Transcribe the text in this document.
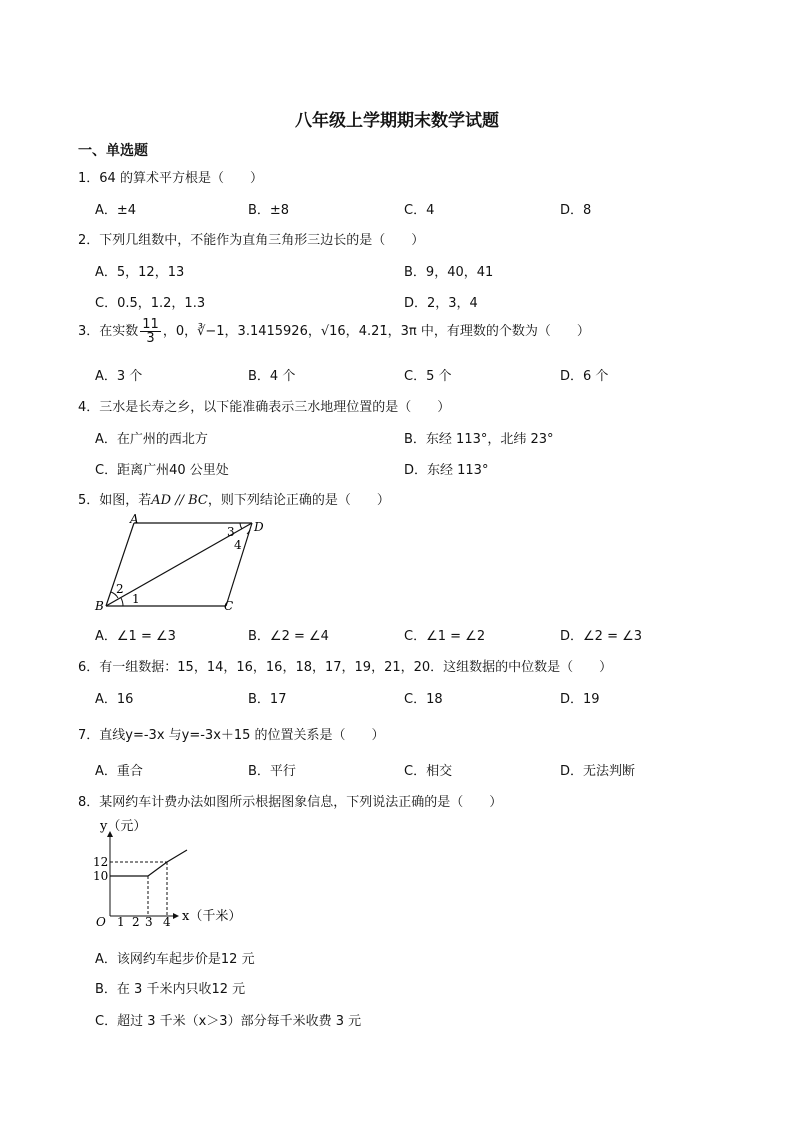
八年级上学期期末数学试题
一、单选题
1．64 的算术平方根是（　　）
A．±4	B．±8	C．4	D．8
2．下列几组数中，不能作为直角三角形三边长的是（　　）
A．5，12，13	B．9，40，41
C．0.5，1.2，1.3	D．2，3，4
3．在实数 $\frac{11}{3}$ ，0，∛−1，3.1415926，√16，4.2̇1̇，3π 中，有理数的个数为（　　）
A．3 个	B．4 个	C．5 个	D．6 个
4．三水是长寿之乡，以下能准确表示三水地理位置的是（　　）
A．在广州的西北方	B．东经 113°，北纬 23°
C．距离广州40 公里处	D．东经 113°
5．如图，若AD // BC，则下列结论正确的是（　　）
A
D
B	C
1
2
3
4
A．∠1 = ∠3	B．∠2 = ∠4	C．∠1 = ∠2	D．∠2 = ∠3
6．有一组数据：15，14，16，16，18，17，19，21，20．这组数据的中位数是（　　）
A．16	B．17	C．18	D．19
7．直线y=-3x 与y=-3x＋15 的位置关系是（　　）
A．重合	B．平行	C．相交	D．无法判断
8．某网约车计费办法如图所示根据图象信息，下列说法正确的是（　　）
y（元）
x（千米）
O
12
10
1 2 3 4
A．该网约车起步价是12 元
B．在 3 千米内只收12 元
C．超过 3 千米（x＞3）部分每千米收费 3 元
